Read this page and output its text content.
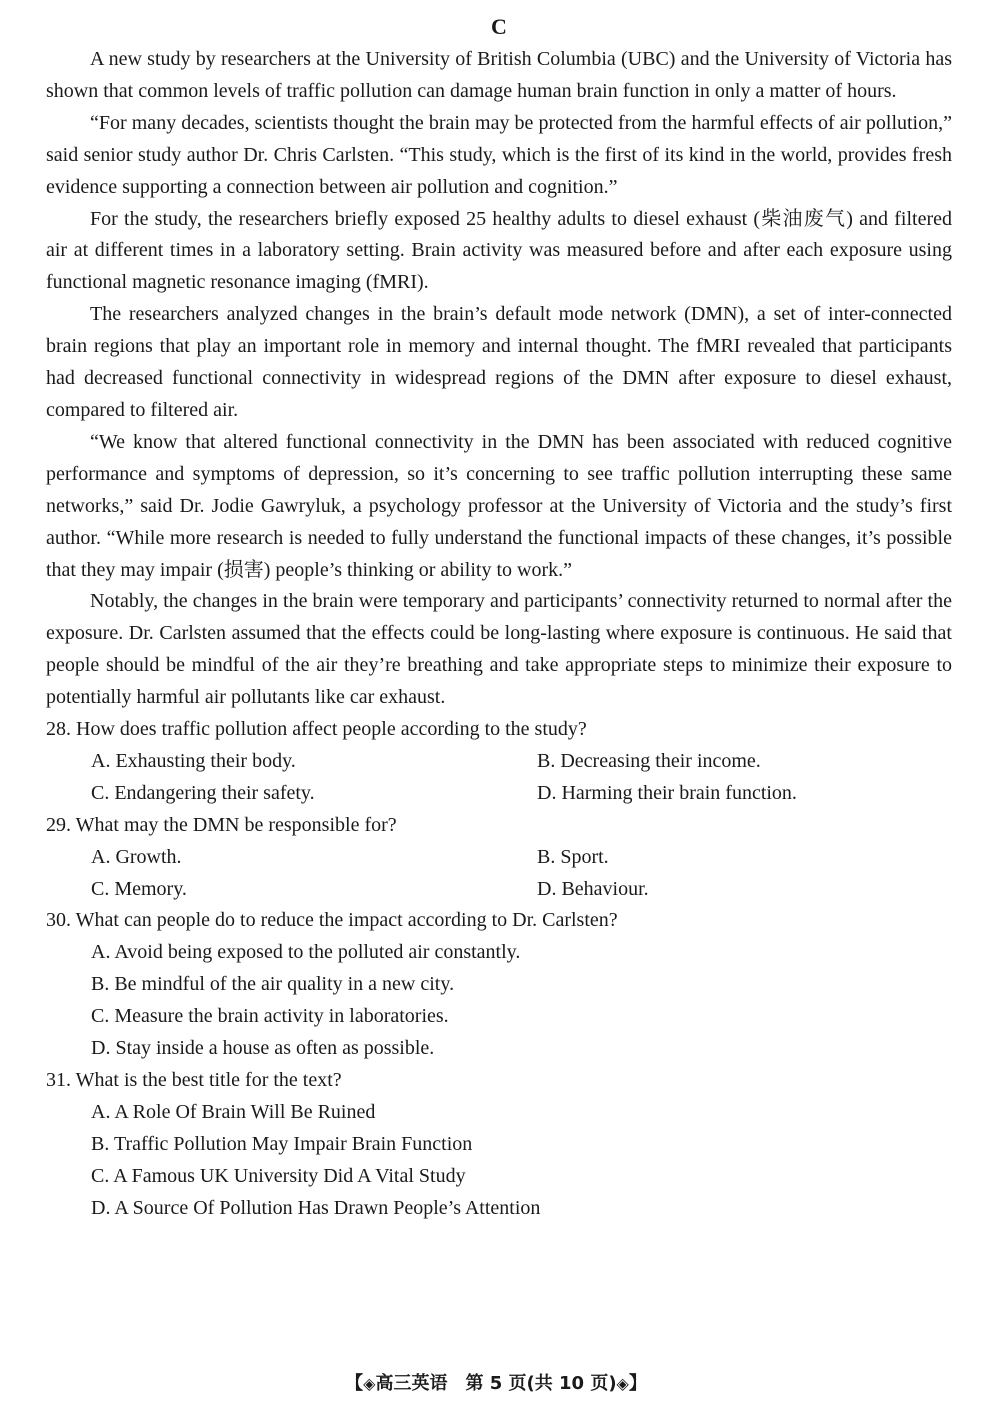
C

A new study by researchers at the University of British Columbia (UBC) and the University of Victoria has shown that common levels of traffic pollution can damage human brain function in only a matter of hours.

“For many decades, scientists thought the brain may be protected from the harmful effects of air pollution,” said senior study author Dr. Chris Carlsten. “This study, which is the first of its kind in the world, provides fresh evidence supporting a connection between air pollution and cognition.”

For the study, the researchers briefly exposed 25 healthy adults to diesel exhaust (柴油废气) and filtered air at different times in a laboratory setting. Brain activity was measured before and after each exposure using functional magnetic resonance imaging (fMRI).

The researchers analyzed changes in the brain’s default mode network (DMN), a set of inter-connected brain regions that play an important role in memory and internal thought. The fMRI revealed that participants had decreased functional connectivity in widespread regions of the DMN after exposure to diesel exhaust, compared to filtered air.

“We know that altered functional connectivity in the DMN has been associated with reduced cognitive performance and symptoms of depression, so it’s concerning to see traffic pollution interrupting these same networks,” said Dr. Jodie Gawryluk, a psychology professor at the University of Victoria and the study’s first author. “While more research is needed to fully understand the functional impacts of these changes, it’s possible that they may impair (损害) people’s thinking or ability to work.”

Notably, the changes in the brain were temporary and participants’ connectivity returned to normal after the exposure. Dr. Carlsten assumed that the effects could be long-lasting where exposure is continuous. He said that people should be mindful of the air they’re breathing and take appropriate steps to minimize their exposure to potentially harmful air pollutants like car exhaust.

28. How does traffic pollution affect people according to the study?

A. Exhausting their body.	B. Decreasing their income.
C. Endangering their safety.	D. Harming their brain function.

29. What may the DMN be responsible for?

A. Growth.	B. Sport.
C. Memory.	D. Behaviour.

30. What can people do to reduce the impact according to Dr. Carlsten?

A. Avoid being exposed to the polluted air constantly.
B. Be mindful of the air quality in a new city.
C. Measure the brain activity in laboratories.
D. Stay inside a house as often as possible.

31. What is the best title for the text?

A. A Role Of Brain Will Be Ruined
B. Traffic Pollution May Impair Brain Function
C. A Famous UK University Did A Vital Study
D. A Source Of Pollution Has Drawn People’s Attention
【◈高三英语　第 5 页(共 10 页)◈】
